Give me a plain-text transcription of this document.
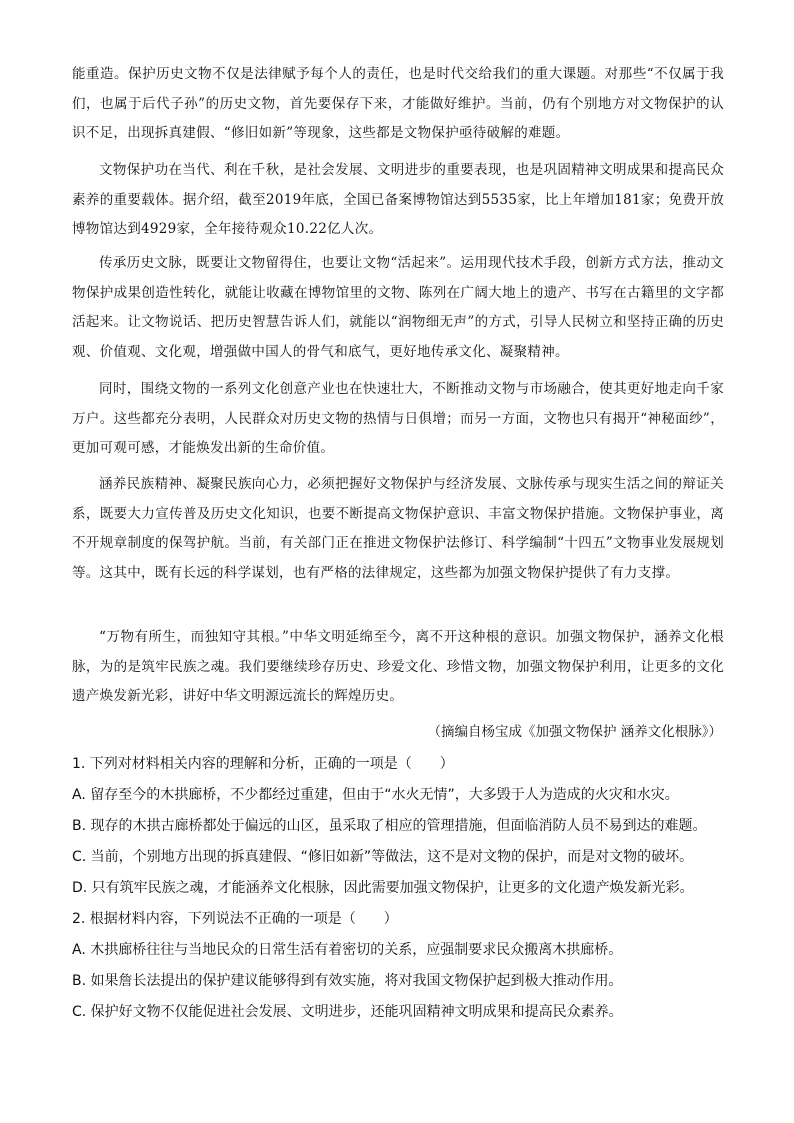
能重造。保护历史文物不仅是法律赋予每个人的责任，也是时代交给我们的重大课题。对那些“不仅属于我们，也属于后代子孙”的历史文物，首先要保存下来，才能做好维护。当前，仍有个别地方对文物保护的认识不足，出现拆真建假、“修旧如新”等现象，这些都是文物保护亟待破解的难题。

文物保护功在当代、利在千秋，是社会发展、文明进步的重要表现，也是巩固精神文明成果和提高民众素养的重要载体。据介绍，截至2019年底，全国已备案博物馆达到5535家，比上年增加181家；免费开放博物馆达到4929家，全年接待观众10.22亿人次。

传承历史文脉，既要让文物留得住，也要让文物“活起来”。运用现代技术手段，创新方式方法，推动文物保护成果创造性转化，就能让收藏在博物馆里的文物、陈列在广阔大地上的遗产、书写在古籍里的文字都活起来。让文物说话、把历史智慧告诉人们，就能以“润物细无声”的方式，引导人民树立和坚持正确的历史观、价值观、文化观，增强做中国人的骨气和底气，更好地传承文化、凝聚精神。

同时，围绕文物的一系列文化创意产业也在快速壮大，不断推动文物与市场融合，使其更好地走向千家万户。这些都充分表明，人民群众对历史文物的热情与日俱增；而另一方面，文物也只有揭开“神秘面纱”，更加可观可感，才能焕发出新的生命价值。

涵养民族精神、凝聚民族向心力，必须把握好文物保护与经济发展、文脉传承与现实生活之间的辩证关系，既要大力宣传普及历史文化知识，也要不断提高文物保护意识、丰富文物保护措施。文物保护事业，离不开规章制度的保驾护航。当前，有关部门正在推进文物保护法修订、科学编制“十四五”文物事业发展规划等。这其中，既有长远的科学谋划，也有严格的法律规定，这些都为加强文物保护提供了有力支撑。

“万物有所生，而独知守其根。”中华文明延绵至今，离不开这种根的意识。加强文物保护，涵养文化根脉，为的是筑牢民族之魂。我们要继续珍存历史、珍爱文化、珍惜文物，加强文物保护利用，让更多的文化遗产焕发新光彩，讲好中华文明源远流长的辉煌历史。

（摘编自杨宝成《加强文物保护 涵养文化根脉》）

1. 下列对材料相关内容的理解和分析，正确的一项是（　　）

A. 留存至今的木拱廊桥，不少都经过重建，但由于“水火无情”，大多毁于人为造成的火灾和水灾。

B. 现存的木拱古廊桥都处于偏远的山区，虽采取了相应的管理措施，但面临消防人员不易到达的难题。

C. 当前，个别地方出现的拆真建假、“修旧如新”等做法，这不是对文物的保护，而是对文物的破坏。

D. 只有筑牢民族之魂，才能涵养文化根脉，因此需要加强文物保护，让更多的文化遗产焕发新光彩。

2. 根据材料内容，下列说法不正确的一项是（　　）

A. 木拱廊桥往往与当地民众的日常生活有着密切的关系，应强制要求民众搬离木拱廊桥。

B. 如果詹长法提出的保护建议能够得到有效实施，将对我国文物保护起到极大推动作用。

C. 保护好文物不仅能促进社会发展、文明进步，还能巩固精神文明成果和提高民众素养。
